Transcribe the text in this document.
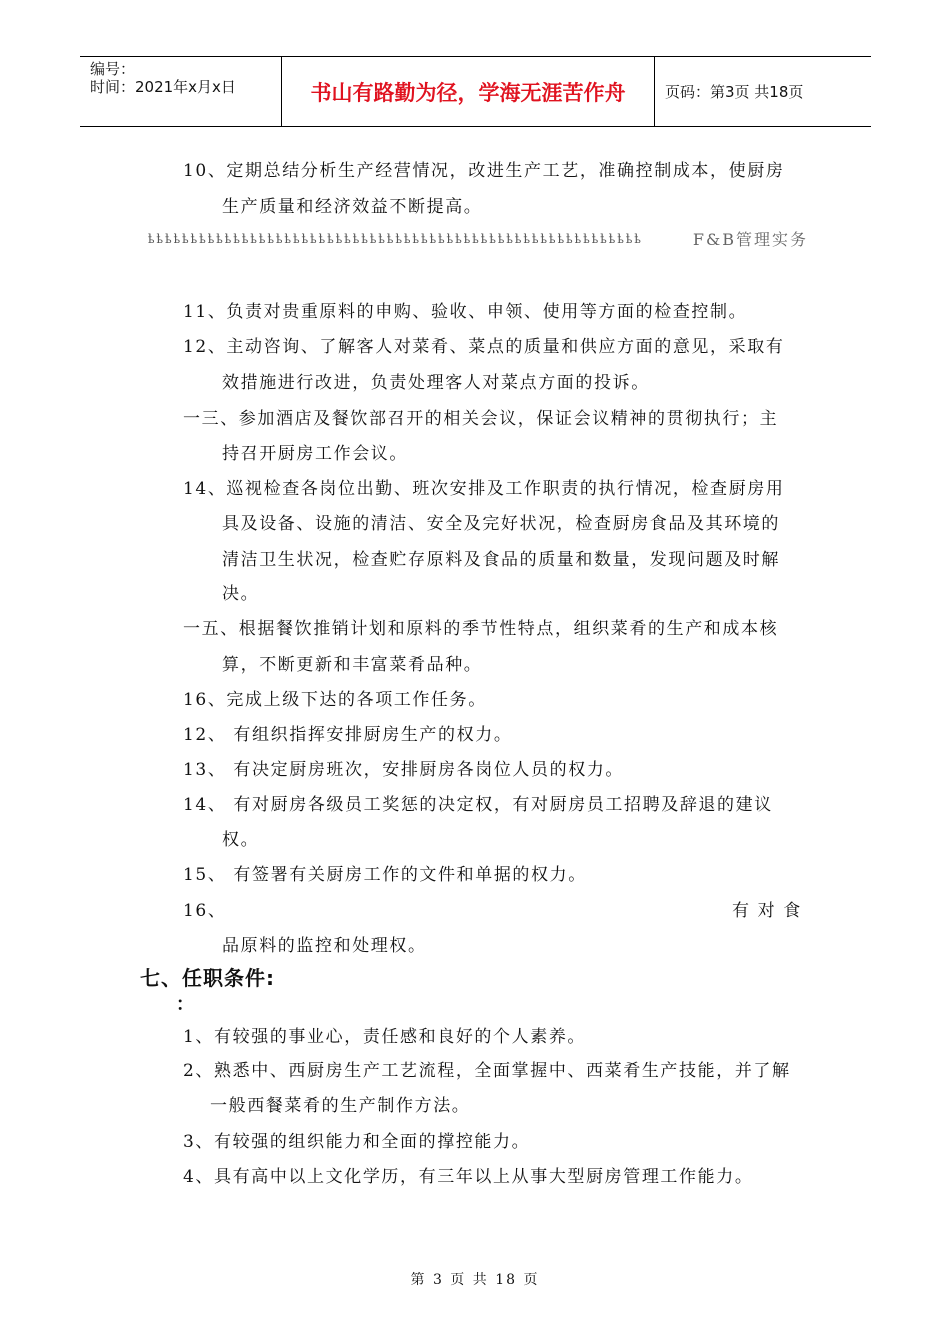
编号：
时间：2021年x月x日	书山有路勤为径，学海无涯苦作舟	页码：第3页 共18页
10、定期总结分析生产经营情况，改进生产工艺，准确控制成本，使厨房
生产质量和经济效益不断提高。
ҍҍҍҍҍҍҍҍҍҍҍҍҍҍҍҍҍҍҍҍҍҍҍҍҍҍҍҍҍҍҍҍҍҍҍҍҍҍҍҍҍҍҍҍҍҍҍҍҍҍҍҍҍҍҍҍҍҍ	F&B管理实务
11、负责对贵重原料的申购、验收、申领、使用等方面的检查控制。
12、主动咨询、了解客人对菜肴、菜点的质量和供应方面的意见，采取有
效措施进行改进，负责处理客人对菜点方面的投诉。
一三、参加酒店及餐饮部召开的相关会议，保证会议精神的贯彻执行；主
持召开厨房工作会议。
14、巡视检查各岗位出勤、班次安排及工作职责的执行情况，检查厨房用
具及设备、设施的清洁、安全及完好状况，检查厨房食品及其环境的
清洁卫生状况，检查贮存原料及食品的质量和数量，发现问题及时解
决。
一五、根据餐饮推销计划和原料的季节性特点，组织菜肴的生产和成本核
算，不断更新和丰富菜肴品种。
16、完成上级下达的各项工作任务。
12、 有组织指挥安排厨房生产的权力。
13、 有决定厨房班次，安排厨房各岗位人员的权力。
14、 有对厨房各级员工奖惩的决定权，有对厨房员工招聘及辞退的建议
权。
15、 有签署有关厨房工作的文件和单据的权力。
16、	有 对 食
品原料的监控和处理权。
七、任职条件:
：
1、有较强的事业心，责任感和良好的个人素养。
2、熟悉中、西厨房生产工艺流程，全面掌握中、西菜肴生产技能，并了解
一般西餐菜肴的生产制作方法。
3、有较强的组织能力和全面的撑控能力。
4、具有高中以上文化学历，有三年以上从事大型厨房管理工作能力。
第 3 页 共 18 页
